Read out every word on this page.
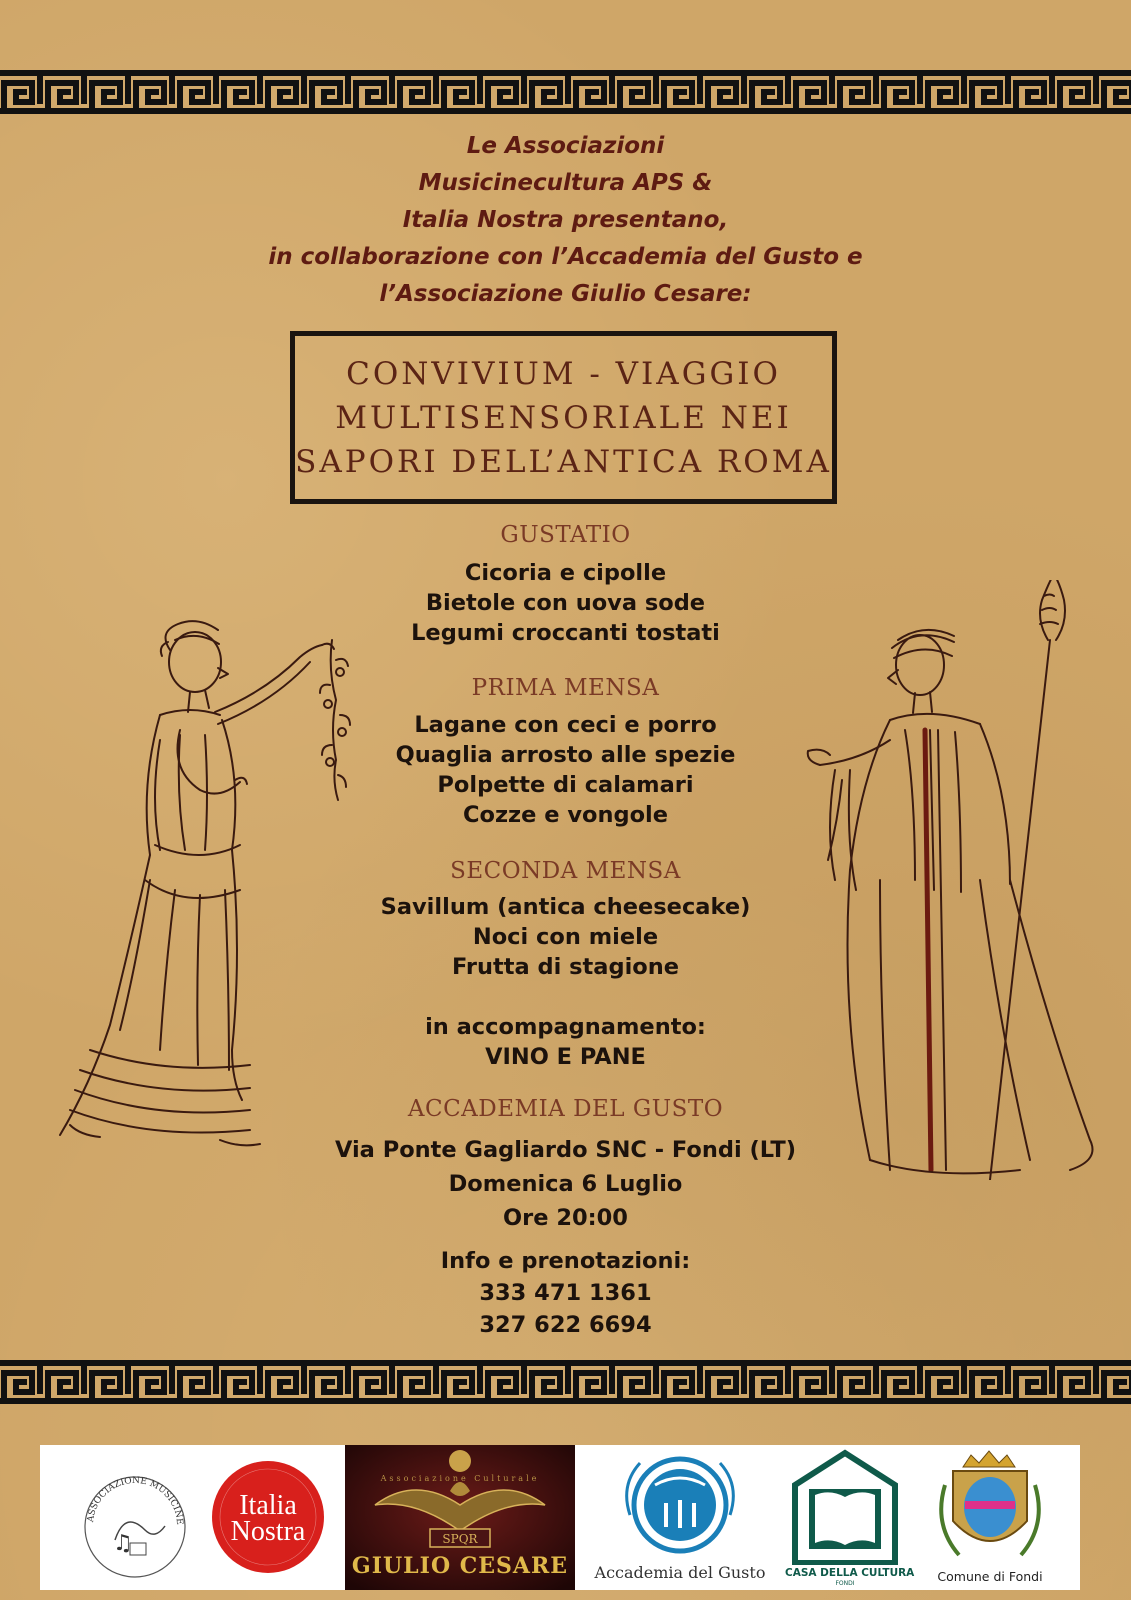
Le Associazioni
Musicinecultura APS &
Italia Nostra presentano,
in collaborazione con l’Accademia del Gusto e
l’Associazione Giulio Cesare:
CONVIVIUM - VIAGGIO
MULTISENSORIALE NEI
SAPORI DELL’ANTICA ROMA
GUSTATIO
Cicoria e cipolle
Bietole con uova sode
Legumi croccanti tostati
PRIMA MENSA
Lagane con ceci e porro
Quaglia arrosto alle spezie
Polpette di calamari
Cozze e vongole
SECONDA MENSA
Savillum (antica cheesecake)
Noci con miele
Frutta di stagione
in accompagnamento:
VINO E PANE
ACCADEMIA DEL GUSTO
Via Ponte Gagliardo SNC - Fondi (LT)
Domenica 6 Luglio
Ore 20:00
Info e prenotazioni:
333 471 1361
327 622 6694
ASSOCIAZIONE MUSICINE
♫
Italia Nostra	SPQR
Associazione Culturale
GIULIO CESARE	Accademia del Gusto	CASA DELLA CULTURA
FONDI	Comune di Fondi
